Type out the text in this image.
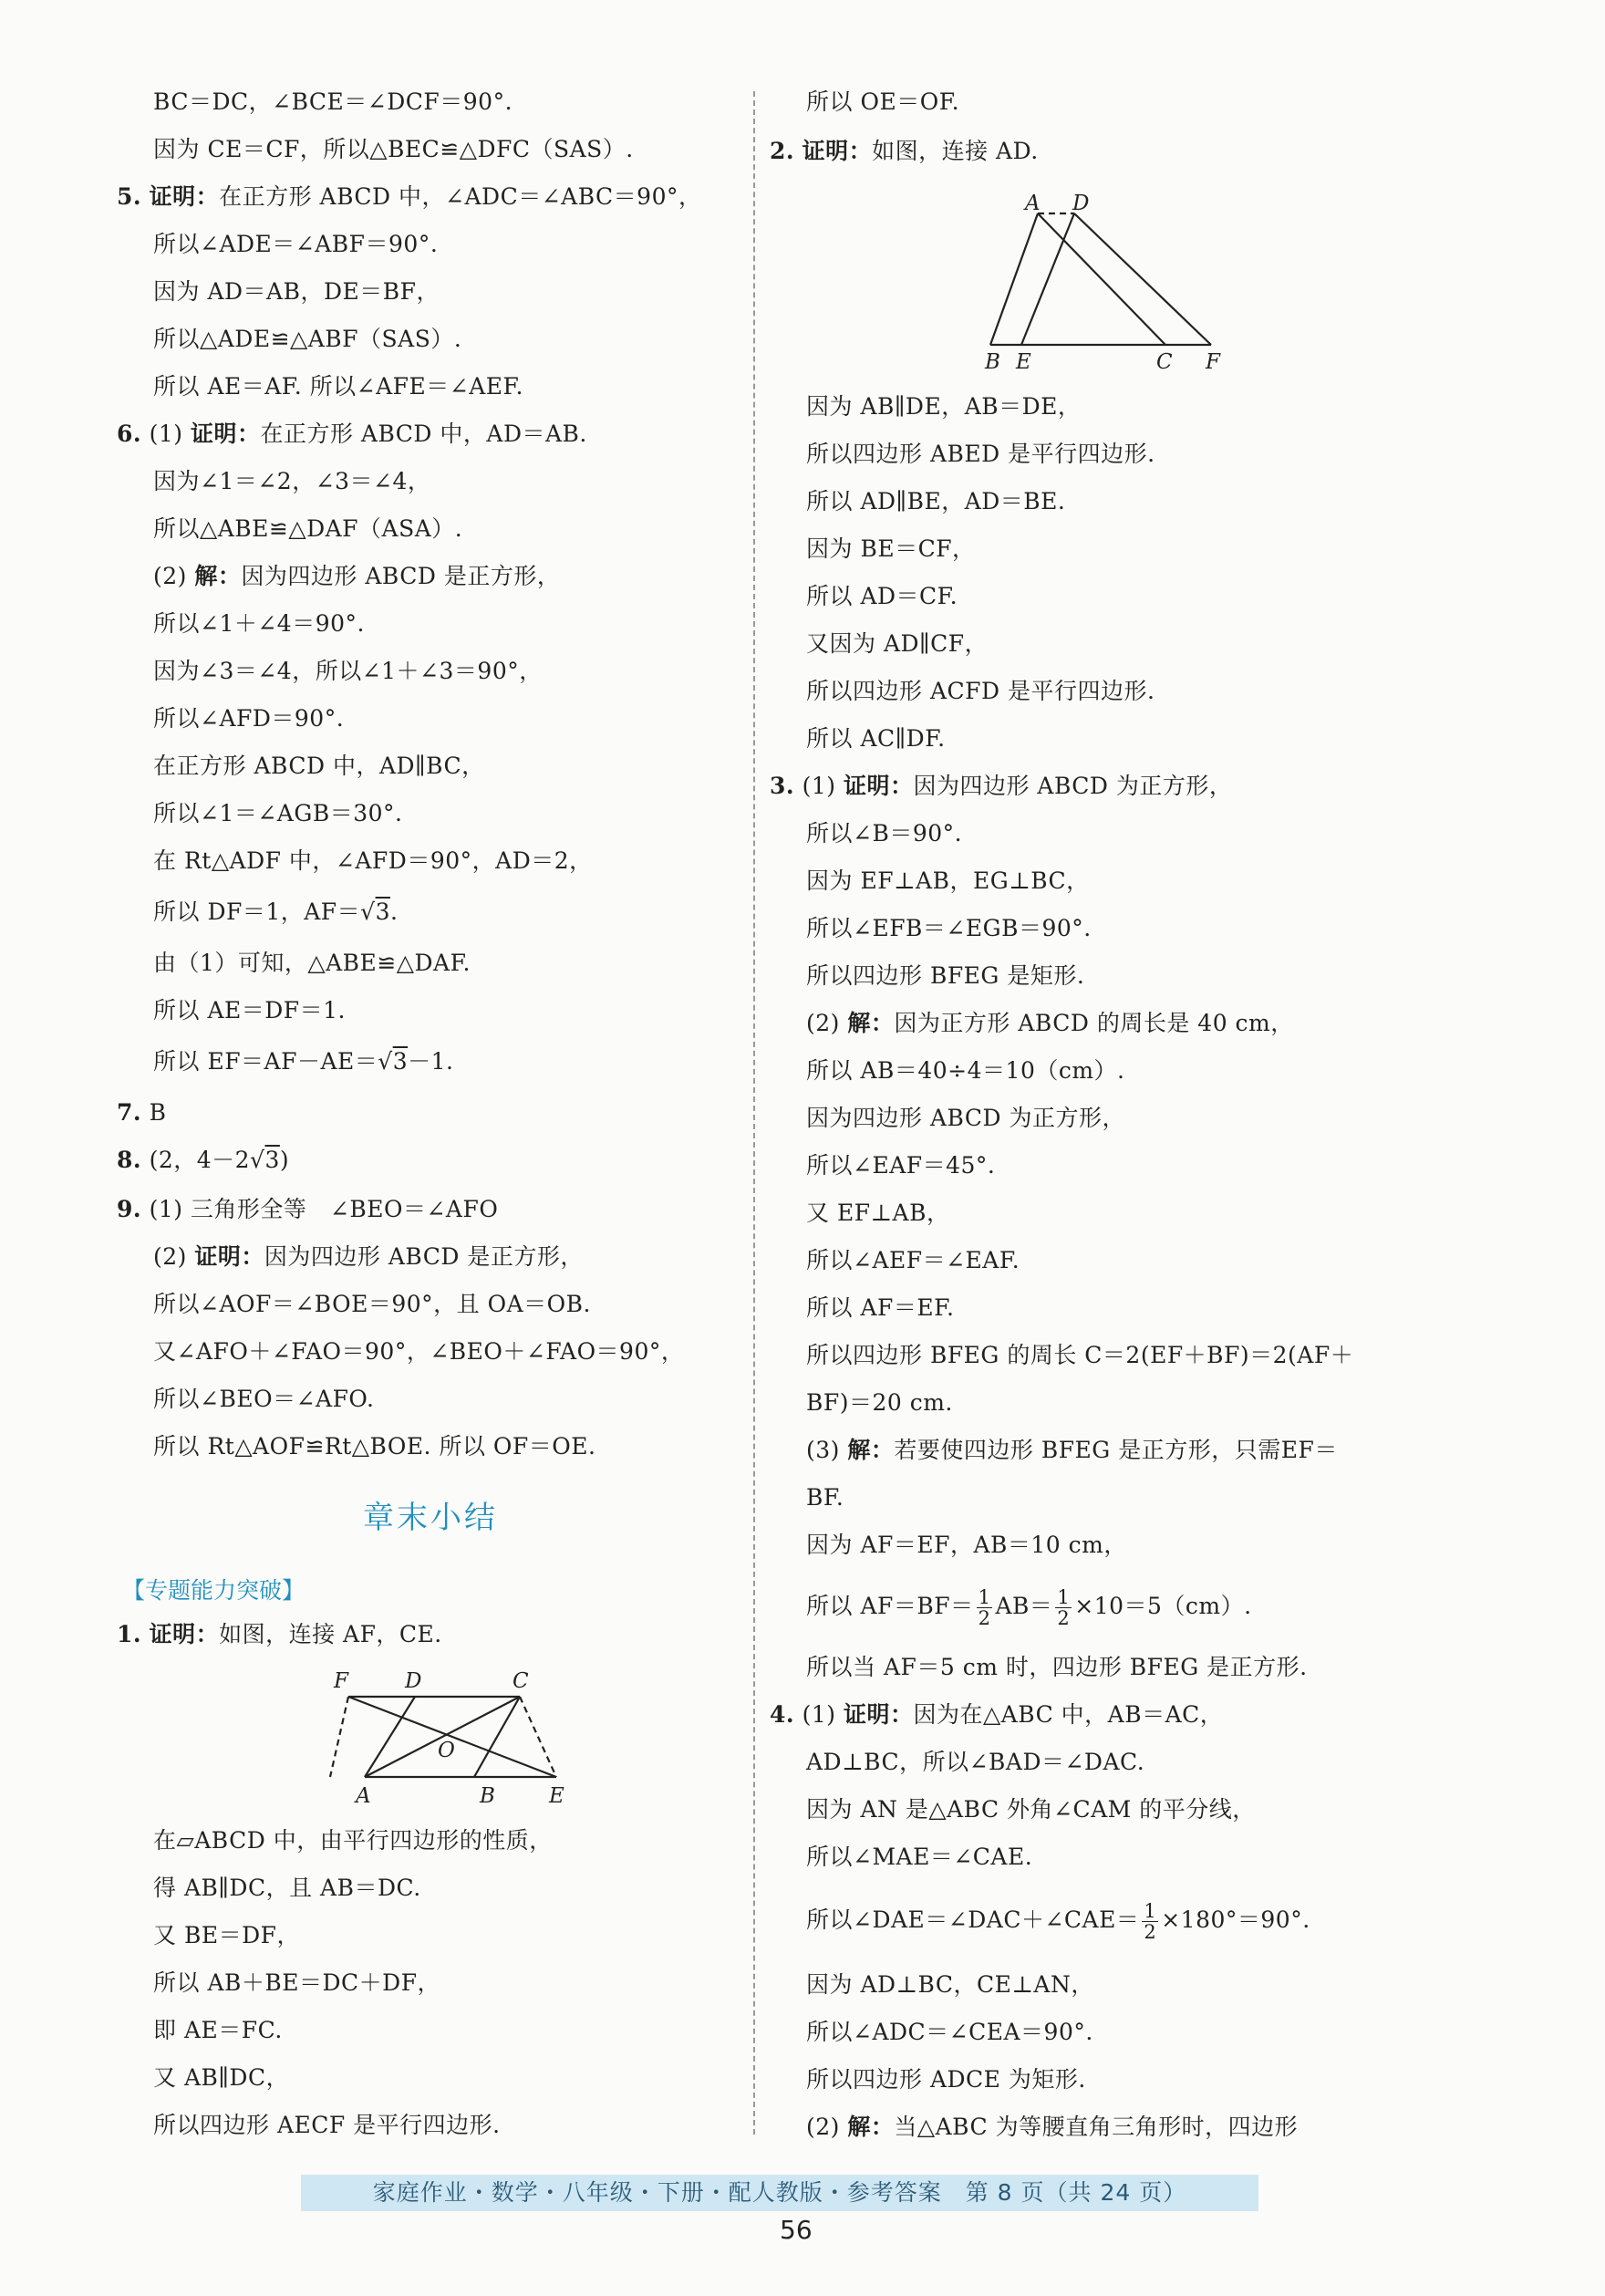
BC＝DC，∠BCE＝∠DCF＝90°.
因为 CE＝CF，所以△BEC≌△DFC（SAS）.
5. 证明：在正方形 ABCD 中，∠ADC＝∠ABC＝90°，
所以∠ADE＝∠ABF＝90°.
因为 AD＝AB，DE＝BF，
所以△ADE≌△ABF（SAS）.
所以 AE＝AF. 所以∠AFE＝∠AEF.
6. (1) 证明：在正方形 ABCD 中，AD＝AB.
因为∠1＝∠2，∠3＝∠4，
所以△ABE≌△DAF（ASA）.
(2) 解：因为四边形 ABCD 是正方形，
所以∠1＋∠4＝90°.
因为∠3＝∠4，所以∠1＋∠3＝90°，
所以∠AFD＝90°.
在正方形 ABCD 中，AD∥BC，
所以∠1＝∠AGB＝30°.
在 Rt△ADF 中，∠AFD＝90°，AD＝2，
所以 DF＝1，AF＝√3.
由（1）可知，△ABE≌△DAF.
所以 AE＝DF＝1.
所以 EF＝AF－AE＝√3－1.
7. B
8. (2，4－2√3)
9. (1) 三角形全等　∠BEO＝∠AFO
(2) 证明：因为四边形 ABCD 是正方形，
所以∠AOF＝∠BOE＝90°，且 OA＝OB.
又∠AFO＋∠FAO＝90°，∠BEO＋∠FAO＝90°，
所以∠BEO＝∠AFO.
所以 Rt△AOF≌Rt△BOE. 所以 OF＝OE.
章末小结
【专题能力突破】
1. 证明：如图，连接 AF，CE.
F	D	C
O
A	B	E
在▱ABCD 中，由平行四边形的性质，
得 AB∥DC，且 AB＝DC.
又 BE＝DF，
所以 AB＋BE＝DC＋DF，
即 AE＝FC.
又 AB∥DC，
所以四边形 AECF 是平行四边形.
所以 OE＝OF.
2. 证明：如图，连接 AD.
A D
B E	C F
因为 AB∥DE，AB＝DE，
所以四边形 ABED 是平行四边形.
所以 AD∥BE，AD＝BE.
因为 BE＝CF，
所以 AD＝CF.
又因为 AD∥CF，
所以四边形 ACFD 是平行四边形.
所以 AC∥DF.
3. (1) 证明：因为四边形 ABCD 为正方形，
所以∠B＝90°.
因为 EF⊥AB，EG⊥BC，
所以∠EFB＝∠EGB＝90°.
所以四边形 BFEG 是矩形.
(2) 解：因为正方形 ABCD 的周长是 40 cm，
所以 AB＝40÷4＝10（cm）.
因为四边形 ABCD 为正方形，
所以∠EAF＝45°.
又 EF⊥AB，
所以∠AEF＝∠EAF.
所以 AF＝EF.
所以四边形 BFEG 的周长 C＝2(EF＋BF)＝2(AF＋
BF)＝20 cm.
(3) 解：若要使四边形 BFEG 是正方形，只需EF＝
BF.
因为 AF＝EF，AB＝10 cm，
所以 $AF=BF= \frac{1}{2} AB= \frac{1}{2} \times 10=5(cm)$.
所以当 AF＝5 cm 时，四边形 BFEG 是正方形.
4. (1) 证明：因为在△ABC 中，AB＝AC，
AD⊥BC，所以∠BAD＝∠DAC.
因为 AN 是△ABC 外角∠CAM 的平分线，
所以∠MAE＝∠CAE.
所以∠DAE＝∠DAC＋∠CAE＝ $\frac{1}{2} \times 180^\circ=90^\circ$.
因为 AD⊥BC，CE⊥AN，
所以∠ADC＝∠CEA＝90°.
所以四边形 ADCE 为矩形.
(2) 解：当△ABC 为等腰直角三角形时，四边形
家庭作业・数学・八年级・下册・配人教版・参考答案　第 8 页（共 24 页）
56
